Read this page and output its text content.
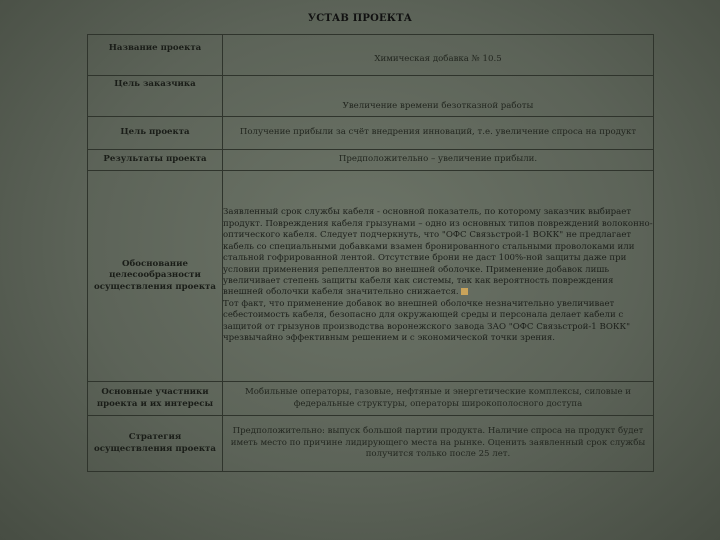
УСТАВ ПРОЕКТА
Название проекта	Химическая добавка № 10.5

Цель заказчика	Увеличение времени безотказной работы

Цель проекта	Получение прибыли за счёт внедрения инноваций, т.е. увеличение спроса на продукт

Результаты проекта	Предположительно – увеличение прибыли.

Обоснование целесообразности осуществления проекта	Заявленный срок службы кабеля - основной показатель, по которому заказчик выбирает продукт. Повреждения кабеля грызунами – одно из основных типов повреждений волоконно-оптического кабеля. Следует подчеркнуть, что "ОФС Связьстрой-1 ВОКК" не предлагает кабель со специальными добавками взамен бронированного стальными проволоками или стальной гофрированной лентой. Отсутствие брони не даст 100%-ной защиты даже при условии применения репеллентов во внешней оболочке. Применение добавок лишь увеличивает степень защиты кабеля как системы, так как вероятность повреждения внешней оболочки кабеля значительно снижается.
Тот факт, что применение добавок во внешней оболочке незначительно увеличивает себестоимость кабеля, безопасно для окружающей среды и персонала делает кабели с защитой от грызунов производства воронежского завода ЗАО "ОФС Связьстрой-1 ВОКК" чрезвычайно эффективным решением и с экономической точки зрения.

Основные участники проекта и их интересы	Мобильные операторы, газовые, нефтяные и энергетические комплексы, силовые и федеральные структуры, операторы широкополосного доступа

Стратегия осуществления проекта	Предположительно: выпуск большой партии продукта. Наличие спроса на продукт будет иметь место по причине лидирующего места на рынке. Оценить заявленный срок службы получится только после 25 лет.
